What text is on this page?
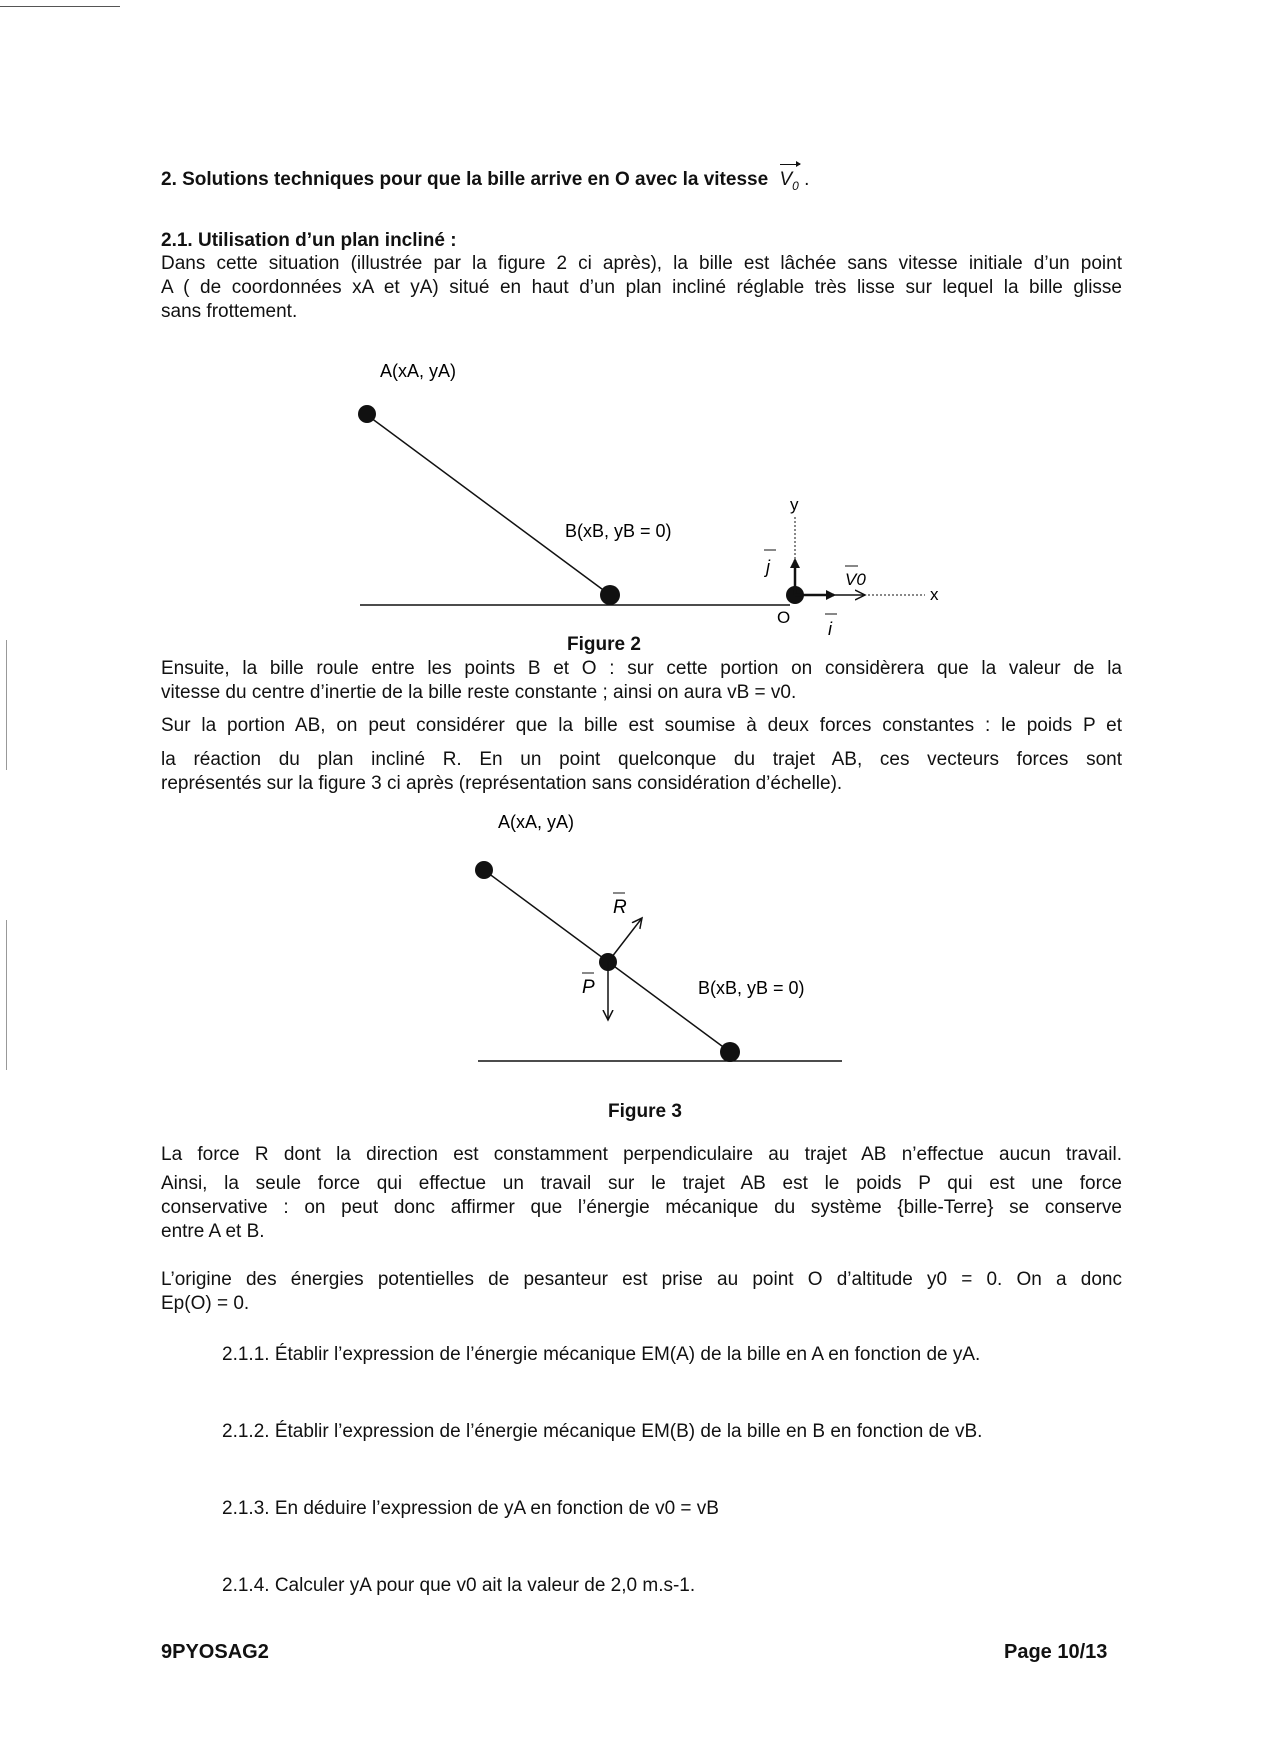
2. Solutions techniques pour que la bille arrive en O avec la vitesse $V_0$ .
2.1. Utilisation d’un plan incliné :
Dans cette situation (illustrée par la figure 2 ci après), la bille est lâchée sans vitesse initiale d’un point
A ( de coordonnées xA et yA) situé en haut d’un plan incliné réglable très lisse sur lequel la bille glisse
sans frottement.
A(xA, yA)
B(xB, yB = 0)
y
x
O
j
i
V0
Figure 2
Ensuite, la bille roule entre les points B et O : sur cette portion on considèrera que la valeur de la
vitesse du centre d’inertie de la bille reste constante ; ainsi on aura vB = v0.
Sur la portion AB, on peut considérer que la bille est soumise à deux forces constantes : le poids P et
la réaction du plan incliné R. En un point quelconque du trajet AB, ces vecteurs forces sont
représentés sur la figure 3 ci après (représentation sans considération d’échelle).
A(xA, yA)
B(xB, yB = 0)
R
P
Figure 3
La force R dont la direction est constamment perpendiculaire au trajet AB n’effectue aucun travail.
Ainsi, la seule force qui effectue un travail sur le trajet AB est le poids P qui est une force
conservative : on peut donc affirmer que l’énergie mécanique du système {bille-Terre} se conserve
entre A et B.
L’origine des énergies potentielles de pesanteur est prise au point O d’altitude y0 = 0. On a donc
Ep(O) = 0.
2.1.1. Établir l’expression de l’énergie mécanique EM(A) de la bille en A en fonction de yA.
2.1.2. Établir l’expression de l’énergie mécanique EM(B) de la bille en B en fonction de vB.
2.1.3. En déduire l’expression de yA en fonction de v0 = vB
2.1.4. Calculer yA pour que v0 ait la valeur de 2,0 m.s-1.
9PYOSAG2	Page 10/13
